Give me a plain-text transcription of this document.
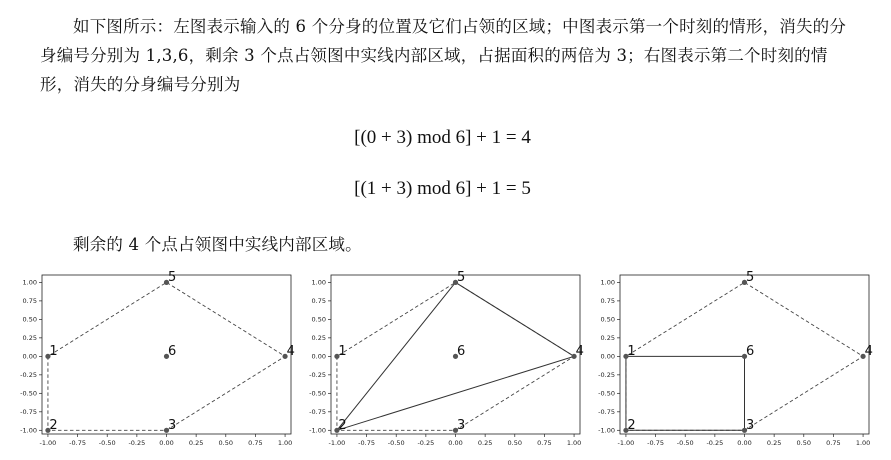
如下图所示：左图表示输入的 6 个分身的位置及它们占领的区域；中图表示第一个时刻的情形，消失的分身编号分别为 1,3,6，剩余 3 个点占领图中实线内部区域，占据面积的两倍为 3；右图表示第二个时刻的情形，消失的分身编号分别为

[(0 + 3) mod 6] + 1 = 4
[(1 + 3) mod 6] + 1 = 5

剩余的 4 个点占领图中实线内部区域。

-1.00 -0.75 -0.50 -0.25 0.00 0.25 0.50 0.75 1.00
1.00
0.75
0.50
0.25
0.00
-0.25
-0.50
-0.75
-1.00
1
2	3
4
5
6
-1.00 -0.75 -0.50 -0.25 0.00 0.25 0.50 0.75 1.00
1.00
0.75
0.50
0.25
0.00
-0.25
-0.50
-0.75
-1.00
1
2	3
4
5
6
-1.00 -0.75 -0.50 -0.25 0.00 0.25 0.50 0.75 1.00
1.00
0.75
0.50
0.25
0.00
-0.25
-0.50
-0.75
-1.00
1
2	3
4
5
6
